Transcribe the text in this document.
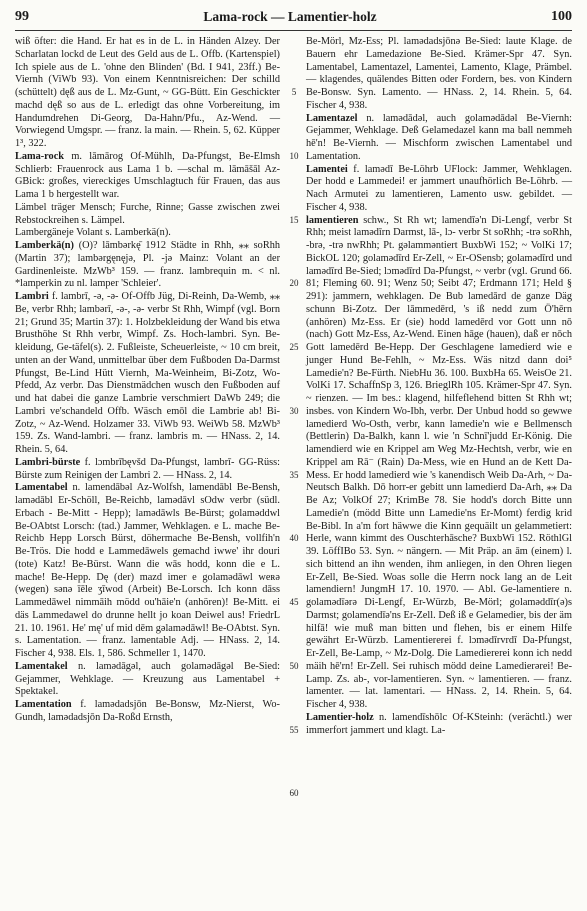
99	Lama-rock — Lamentier-holz	100

wiß öfter: die Hand. Er hat es in de L. in Händen Alzey. Der Scharlatan lockd de Leut des Geld aus de L. Offb. (Kartenspiel) Ich spiele aus de L. 'ohne den Blinden' (Bd. I 941, 23ff.) Be-Viernh (ViWb 93). Von einem Kenntnisreichen: Der schilld (schüttelt) dęß aus de L. Mz-Gunt, ~ GG-Bütt. Ein Geschickter machd dęß so aus de L. erledigt das ohne Vorbereitung, im Handumdrehen Di-Georg, Da-Hahn/Pfu., Az-Wend. — Vorwiegend Umgspr. — franz. la main. — Rhein. 5, 62. Küpper 1³, 322.

Lama-rock m. lāmārog Of-Mühlh, Da-Pfungst, Be-Elmsh Schlierb: Frauenrock aus Lama 1 b. —schal m. lāmāšāl Az-GBick: großes, viereckiges Umschlagtuch für Frauen, das aus Lama 1 b hergestellt war.

Lämbel träger Mensch; Furche, Rinne; Gasse zwischen zwei Rebstockreihen s. Lämpel.

Lambergäneje Volant s. Lamberkä(n).

Lamberkä(n) (O)? lāmbərkę̄ 1912 Städte in Rhh, ⁎⁎ soRhh (Martin 37); lambərgęnęjə, Pl. -jə Mainz: Volant an der Gardinenleiste. MzWb³ 159. — franz. lambrequin m. < nl. *lamperkin zu nl. lamper 'Schleier'.

Lambri f. lambrī, -ə, -ə- Of-Offb Jüg, Di-Reinh, Da-Wemb, ⁎⁎ Be, verbr Rhh; lambərī, -ə-, -ə- verbr St Rhh, Wimpf (vgl. Born 21; Grund 35; Martin 37): 1. Holzbekleidung der Wand bis etwa Brusthöhe St Rhh verbr, Wimpf. Zs. Hoch-lambri. Syn. Be-kleidung, Ge-täfel(s). 2. Fußleiste, Scheuerleiste, ~ 10 cm breit, unten an der Wand, unmittelbar über dem Fußboden Da-Darmst Pfungst, Be-Lind Hütt Viernh, Ma-Weinheim, Bi-Zotz, Wo-Pfedd, Az verbr. Das Dienstmädchen wusch den Fußboden auf und hat dabei die ganze Lambrie verschmiert DaWb 249; die Lambri ve'schandeld Offb. Wäsch emōl die Lambrie ab! Bi-Zotz, ~ Az-Wend. Holzamer 33. ViWb 93. WeiWb 58. MzWb³ 159. Zs. Wand-lambri. — franz. lambris m. — HNass. 2, 14. Rhein. 5, 64.

Lambri-bürste f. lɔmbrībęvšd Da-Pfungst, lambrī- GG-Rüss: Bürste zum Reinigen der Lambri 2. — HNass. 2, 14.

Lamentabel n. lamendābəl Az-Wolfsh, lamendābl Be-Bensh, lamədābl Er-Schöll, Be-Reichb, lamədāvl sOdw verbr (südl. Erbach - Be-Mitt - Hepp); lamədāwls Be-Bürst; golaməddwl Be-OAbtst Lorsch: (tad.) Jammer, Wehklagen. e L. mache Be-Reichb Hepp Lorsch Bürst, döhermache Be-Bensh, vollfih'n Be-Trös. Die hodd e Lammedāwels gemachd iwwe' ihr douri (tote) Katz! Be-Bürst. Wann die wās hodd, konn die e L. mache! Be-Hepp. Dę (der) mazd imer e golamədāwl weʀə (wegen) sənə īēle ʒīwod (Arbeit) Be-Lorsch. Ich konn dāss Lammedāwel nimmāih mödd ou'hāie'n (anhören)! Be-Mitt. ei däs Lammedawel do drunne hellt jo koan Deiwel aus! FriedrL 21. 10. 1961. He' mę' uf mid dēm gəlamədāwl! Be-OAbtst. Syn. s. Lamentation. — franz. lamentable Adj. — HNass. 2, 14. Fischer 4, 938. Els. 1, 586. Schmeller 1, 1470.

Lamentakel n. lamədāgəl, auch golamədāgəl Be-Sied: Gejammer, Wehklage. — Kreuzung aus Lamentabel + Spektakel.

Lamentation f. lamədadsjōn Be-Bonsw, Mz-Nierst, Wo-Gundh, lamədadsjōn Da-Roßd Ernsth,

5
10
15
20
25
30
35
40
45
50
55
60

Be-Mörl, Mz-Ess; Pl. lamədadsjōnə Be-Sied: laute Klage. de Bauern ehr Lamedazione Be-Sied. Krämer-Spr 47. Syn. Lamentabel, Lamentazel, Lamentei, Lamento, Klage, Prämbel. — klagendes, quälendes Bitten oder Fordern, bes. von Kindern Be-Bonsw. Syn. Lamento. — HNass. 2, 14. Rhein. 5, 64. Fischer 4, 938.

Lamentazel n. lamədādəl, auch golamədādəl Be-Viernh: Gejammer, Wehklage. Deß Gelamedazel kann ma ball nemmeh hē'n! Be-Viernh. — Mischform zwischen Lamentabel und Lamentation.

Lamentei f. lamədī Be-Löhrb UFlock: Jammer, Wehklagen. Der hodd e Lammedei! er jammert unaufhörlich Be-Löhrb. — Nach Armutei zu lamentieren, Lamento usw. gebildet. — Fischer 4, 938.

lamentieren schw., St Rh wt; lamendīə'n Di-Lengf, verbr St Rhh; meist lamədīrn Darmst, lā-, lɔ- verbr St soRhh; -trə soRhh, -brə, -trə nwRhh; Pt. gəlamməntiert BuxbWi 152; ~ VolKi 17; BickOL 120; golamədīrd Er-Zell, ~ Er-OSensb; golamədīrd und lamədīrd Be-Sied; lɔmədīrd Da-Pfungst, ~ verbr (vgl. Grund 66. 81; Fleming 60. 91; Wenz 50; Seibt 47; Erdmann 171; Held § 291): jammern, wehklagen. De Bub lamedārd de ganze Däg schunn Bi-Zotz. Der lāmmedērd, 's iß nedd zum Ö'hērn (anhören) Mz-Ess. Er (sie) hodd lamedērd vor Gott unn nō (nach) Gott Mz-Ess, Az-Wend. Einen hāge (hauen), daß er nōch Gott lamedērd Be-Hepp. Der Geschlagene lamedierd wie e junger Hund Be-Fehlh, ~ Mz-Ess. Wäs nitzd dann doi⁵ Lamedie'n? Be-Fürth. NiebHu 36. 100. BuxbHa 65. WeisOe 21. VolKi 17. SchaffnSp 3, 126. BrieglRh 105. Krämer-Spr 47. Syn. ~ rienzen. — Im bes.: klagend, hilfeflehend bitten St Rhh wt; insbes. von Kindern Wo-Ibh, verbr. Der Unbud hodd so gewwe lamedierd Wo-Osth, verbr, kann lamedie'n wie e Bellmensch (Bettlerin) Da-Balkh, kann l. wie 'n Schnī'judd Er-König. Die lamendierd wie en Krippel am Weg Mz-Hechtsh, verbr, wie en Krippel am Rā⁻ (Rain) Da-Mess, wie en Hund an de Kett Da-Mess. Er hodd lamedierd wie 's kanendisch Weib Da-Arh, ~ Da-Neutsch Balkh. Dō horr-er gebitt unn lamedierd Da-Arh, ⁎⁎ Da Be Az; VolkOf 27; KrimBe 78. Sie hodd's dorch Bitte unn Lamedie'n (mödd Bitte unn Lamedie'ns Er-Momt) ferdig krid Be-Bibl. In a'm fort häwwe die Kinn gequäilt un gelammetiert: Herle, wann kimmt des Ouschterhāsche? BuxbWi 152. RöthlGl 39. LöffIBo 53. Syn. ~ nängern. — Mit Präp. an ām (einem) l. sich bittend an ihn wenden, ihm anliegen, in den Ohren liegen Er-Zell, Be-Sied. Woas solle die Herrn nock lang an de Leit lamendiern! JungmH 17. 10. 1970. — Abl. Ge-lamentiere n. golamədīərə Di-Lengf, Er-Würzb, Be-Mörl; golaməddīr(ə)s Darmst; golamendīə'ns Er-Zell. Deß iß e Gelamedier, bis der äm hilfā! wie muß man bitten und flehen, bis er einem Hilfe gewährt Er-Würzb. Lamentiererei f. lɔmədīrvrdī Da-Pfungst, Er-Zell, Be-Lamp, ~ Mz-Dolg. Die Lamediererei konn ich nedd mäih hē'rn! Er-Zell. Sei ruhisch mödd deine Lamedierərei! Be-Lamp. Zs. ab-, vor-lamentieren. Syn. ~ lamentieren. — franz. lamenter. — lat. lamentari. — HNass. 2, 14. Rhein. 5, 64. Fischer 4, 938.

Lamentier-holz n. lamendīshōlc Of-KSteinh: (verächtl.) wer immerfort jammert und klagt. La-
